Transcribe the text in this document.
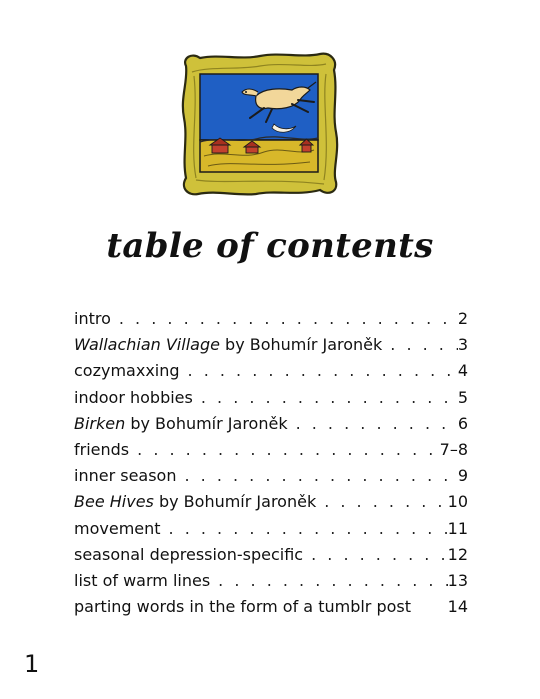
table of contents
intro . . .	2
Wallachian Village by Bohumír Jaroněk . . .	3
cozymaxxing . . .	4
indoor hobbies . . .	5
Birken by Bohumír Jaroněk . . .	6
friends . . .	7–8
inner season . . .	9
Bee Hives by Bohumír Jaroněk . . .	10
movement . . .	11
seasonal depression-specific . . .	12
list of warm lines . . .	13
parting words in the form of a tumblr post 14
1
